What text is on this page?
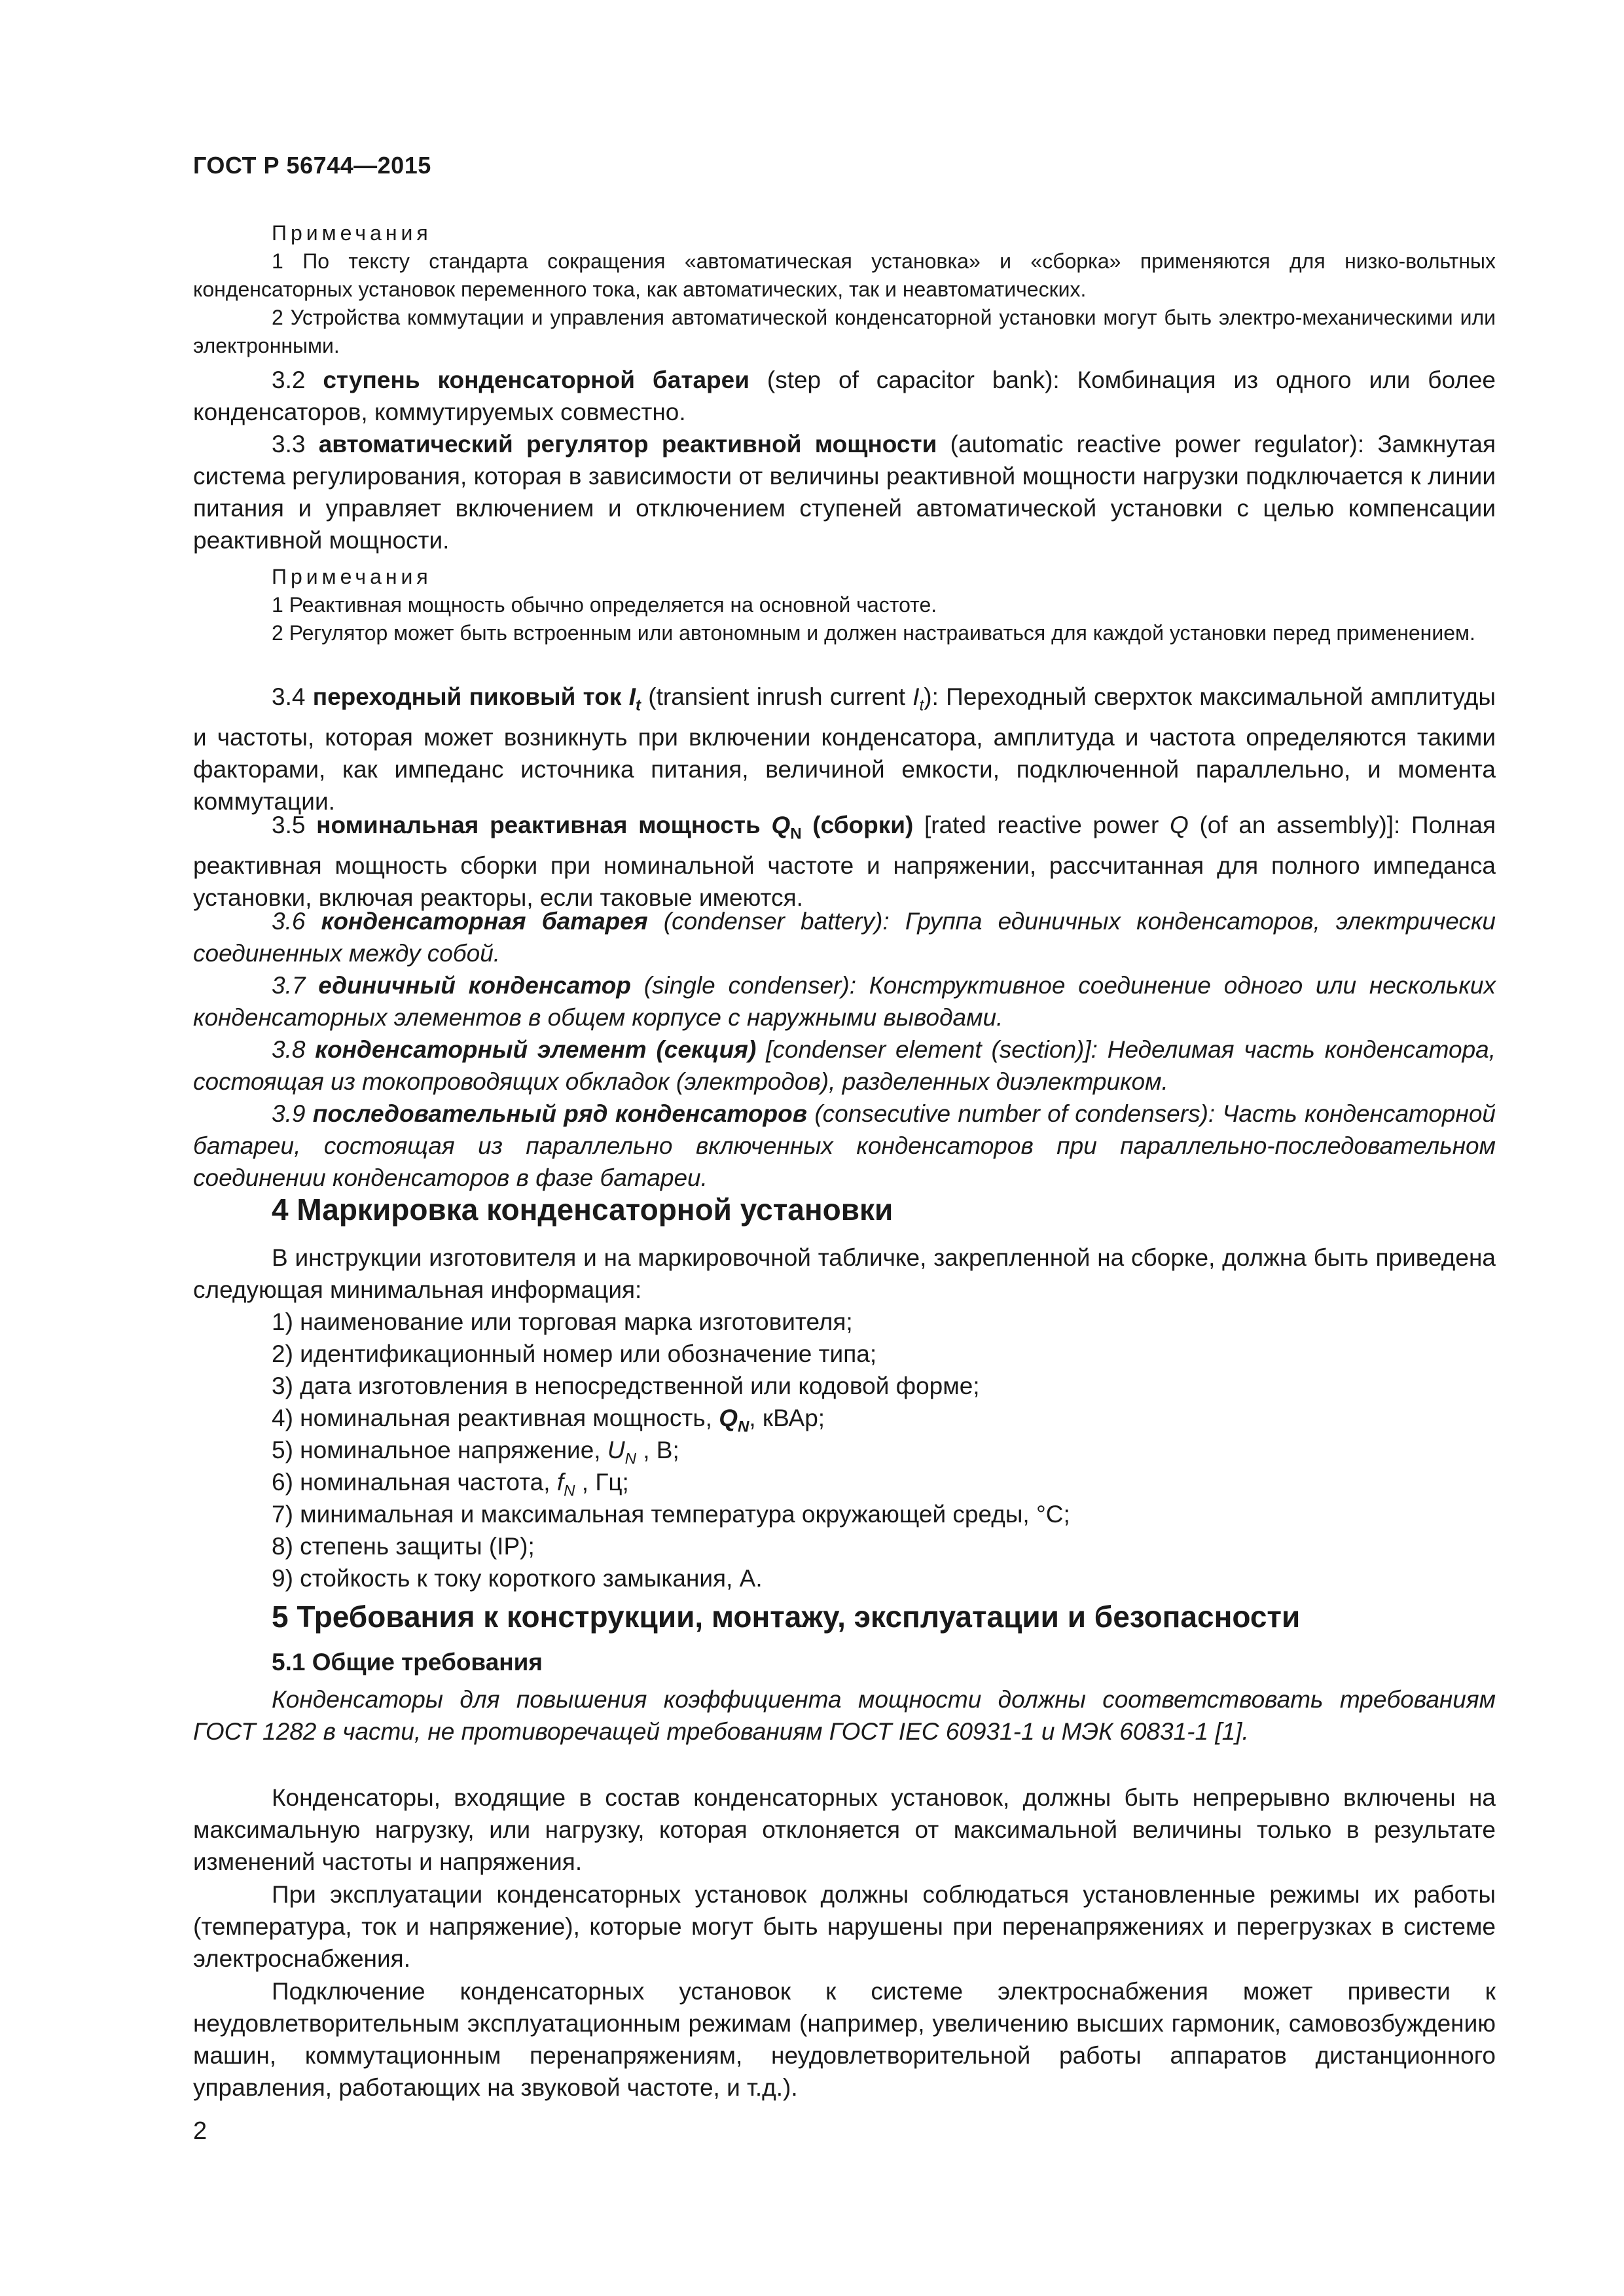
ГОСТ Р 56744—2015
Примечания
1 По тексту стандарта сокращения «автоматическая установка» и «сборка» применяются для низко-вольтных конденсаторных установок переменного тока, как автоматических, так и неавтоматических.
2 Устройства коммутации и управления автоматической конденсаторной установки могут быть электро-механическими или электронными.
3.2 ступень конденсаторной батареи (step of capacitor bank): Комбинация из одного или более конденсаторов, коммутируемых совместно.
3.3 автоматический регулятор реактивной мощности (automatic reactive power regulator): Замкнутая система регулирования, которая в зависимости от величины реактивной мощности нагрузки подключается к линии питания и управляет включением и отключением ступеней автоматической установки с целью компенсации реактивной мощности.
Примечания
1 Реактивная мощность обычно определяется на основной частоте.
2 Регулятор может быть встроенным или автономным и должен настраиваться для каждой установки перед применением.
3.4 переходный пиковый ток $I_t$ (transient inrush current $I_t$): Переходный сверхток максимальной амплитуды и частоты, которая может возникнуть при включении конденсатора, амплитуда и частота определяются такими факторами, как импеданс источника питания, величиной емкости, подключенной параллельно, и момента коммутации.
3.5 номинальная реактивная мощность $Q_N$ (сборки) [rated reactive power Q (of an assembly)]: Полная реактивная мощность сборки при номинальной частоте и напряжении, рассчитанная для полного импеданса установки, включая реакторы, если таковые имеются.
3.6 конденсаторная батарея (condenser battery): Группа единичных конденсаторов, электрически соединенных между собой.
3.7 единичный конденсатор (single condenser): Конструктивное соединение одного или нескольких конденсаторных элементов в общем корпусе с наружными выводами.
3.8 конденсаторный элемент (секция) [condenser element (section)]: Неделимая часть конденсатора, состоящая из токопроводящих обкладок (электродов), разделенных диэлектриком.
3.9 последовательный ряд конденсаторов (consecutive number of condensers): Часть конденсаторной батареи, состоящая из параллельно включенных конденсаторов при параллельно-последовательном соединении конденсаторов в фазе батареи.
4 Маркировка конденсаторной установки
В инструкции изготовителя и на маркировочной табличке, закрепленной на сборке, должна быть приведена следующая минимальная информация:
1) наименование или торговая марка изготовителя;
2) идентификационный номер или обозначение типа;
3) дата изготовления в непосредственной или кодовой форме;
4) номинальная реактивная мощность, $Q_N$, кВАр;
5) номинальное напряжение, $U_N$ , В;
6) номинальная частота, $f_N$ , Гц;
7) минимальная и максимальная температура окружающей среды, °С;
8) степень защиты (IP);
9) стойкость к току короткого замыкания, А.
5 Требования к конструкции, монтажу, эксплуатации и безопасности
5.1 Общие требования
Конденсаторы для повышения коэффициента мощности должны соответствовать требованиям ГОСТ 1282 в части, не противоречащей требованиям ГОСТ IEC 60931-1 и МЭК 60831-1 [1].
Конденсаторы, входящие в состав конденсаторных установок, должны быть непрерывно включены на максимальную нагрузку, или нагрузку, которая отклоняется от максимальной величины только в результате изменений частоты и напряжения.
При эксплуатации конденсаторных установок должны соблюдаться установленные режимы их работы (температура, ток и напряжение), которые могут быть нарушены при перенапряжениях и перегрузках в системе электроснабжения.
Подключение конденсаторных установок к системе электроснабжения может привести к неудовлетворительным эксплуатационным режимам (например, увеличению высших гармоник, самовозбуждению машин, коммутационным перенапряжениям, неудовлетворительной работы аппаратов дистанционного управления, работающих на звуковой частоте, и т.д.).
2
